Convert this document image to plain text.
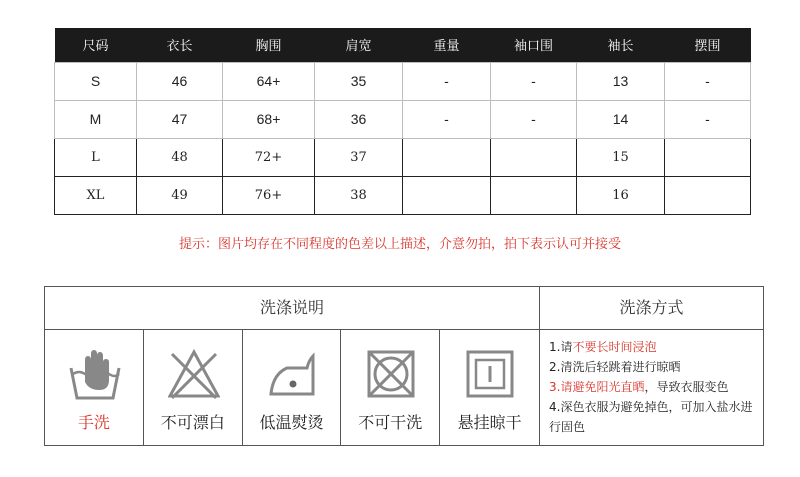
尺码	衣长	胸围	肩宽	重量	袖口围	袖长	摆围
S	46	64+	35	-	-	13	-
M	47	68+	36	-	-	14	-
L	48	72+	37			15	
XL	49	76+	38			16	
提示：图片均存在不同程度的色差以上描述，介意勿拍，拍下表示认可并接受
洗涤说明	洗涤方式
手洗	不可漂白	低温熨烫	不可干洗	悬挂晾干
1.请不要长时间浸泡
2.清洗后轻跳着进行晾晒
3.请避免阳光直晒，导致衣服变色
4.深色衣服为避免掉色，可加入盐水进行固色
